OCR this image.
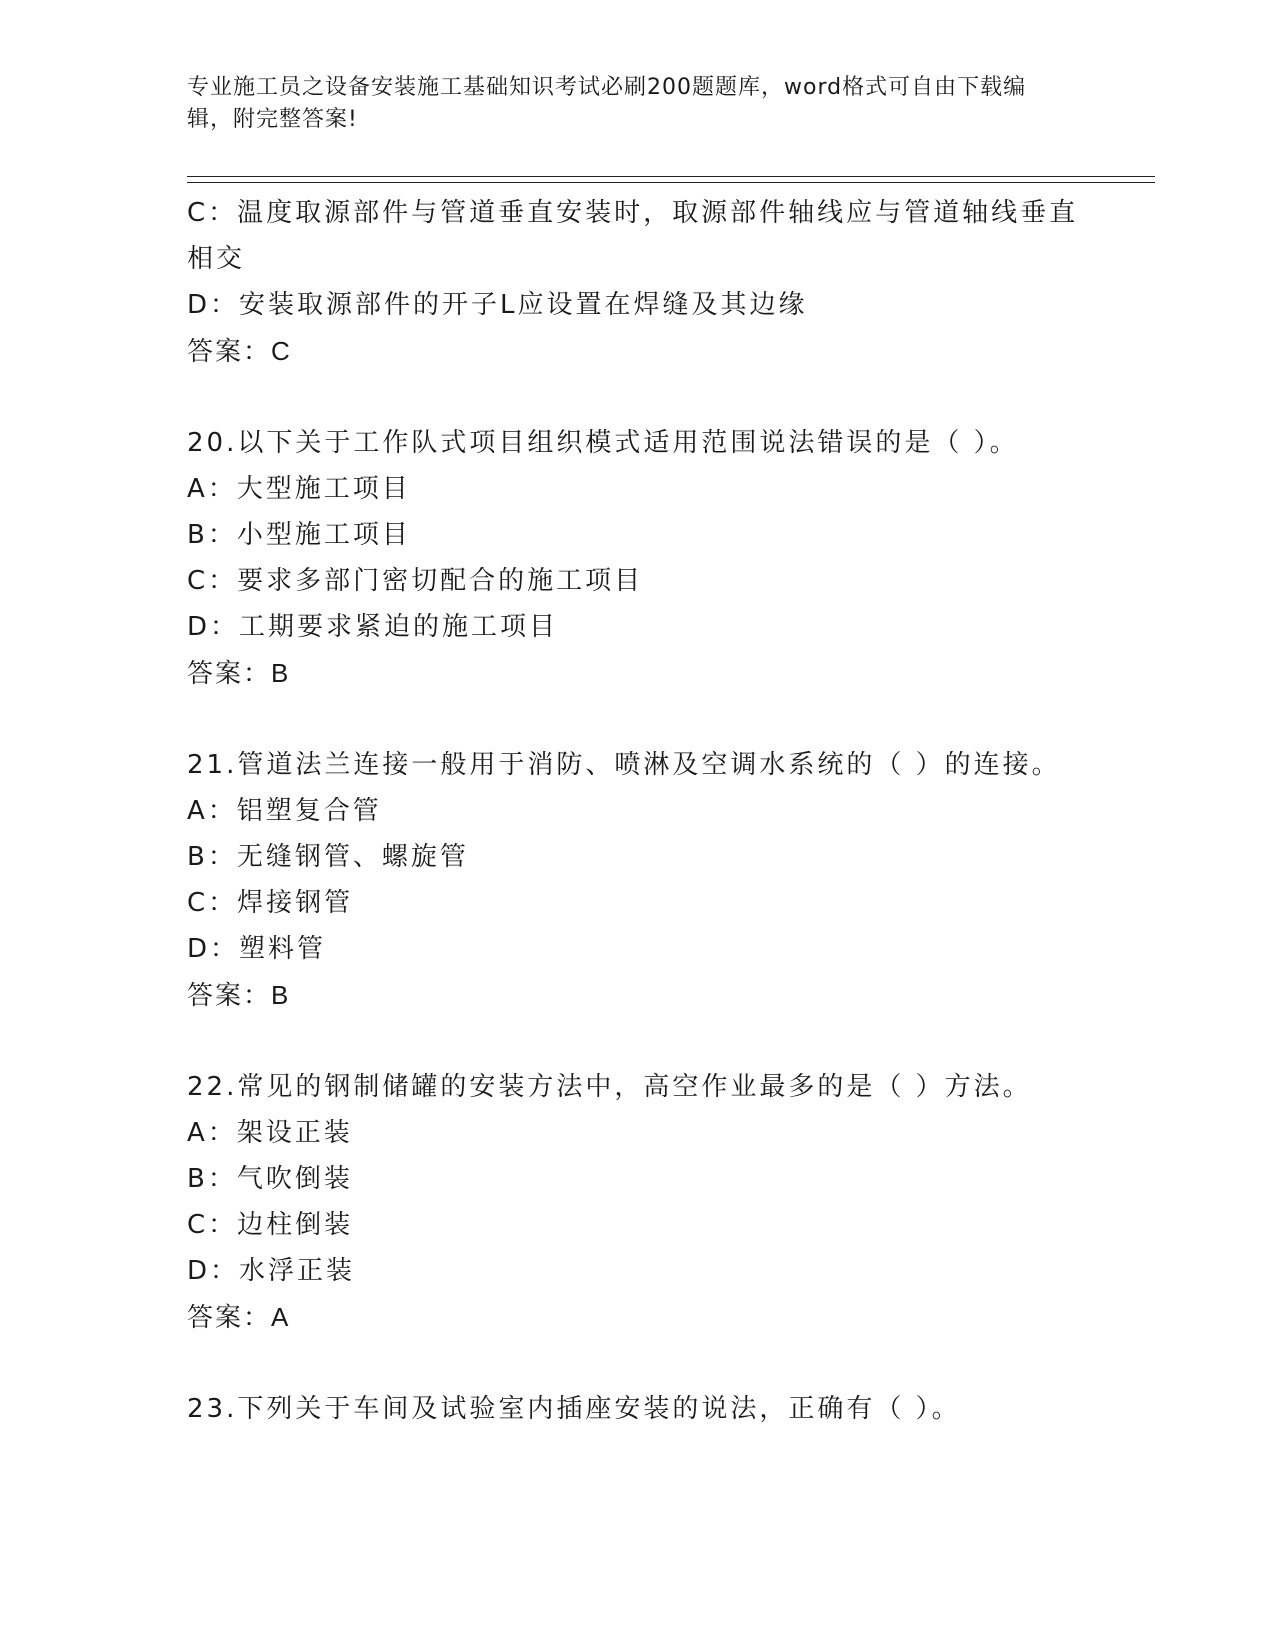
专业施工员之设备安装施工基础知识考试必刷200题题库，word格式可自由下载编辑，附完整答案!
C：温度取源部件与管道垂直安装时，取源部件轴线应与管道轴线垂直相交
D：安装取源部件的开子L应设置在焊缝及其边缘
答案：C
20.以下关于工作队式项目组织模式适用范围说法错误的是（ ）。
A：大型施工项目
B：小型施工项目
C：要求多部门密切配合的施工项目
D：工期要求紧迫的施工项目
答案：B
21.管道法兰连接一般用于消防、喷淋及空调水系统的（ ）的连接。
A：铝塑复合管
B：无缝钢管、螺旋管
C：焊接钢管
D：塑料管
答案：B
22.常见的钢制储罐的安装方法中，高空作业最多的是（ ）方法。
A：架设正装
B：气吹倒装
C：边柱倒装
D：水浮正装
答案：A
23.下列关于车间及试验室内插座安装的说法，正确有（ ）。
